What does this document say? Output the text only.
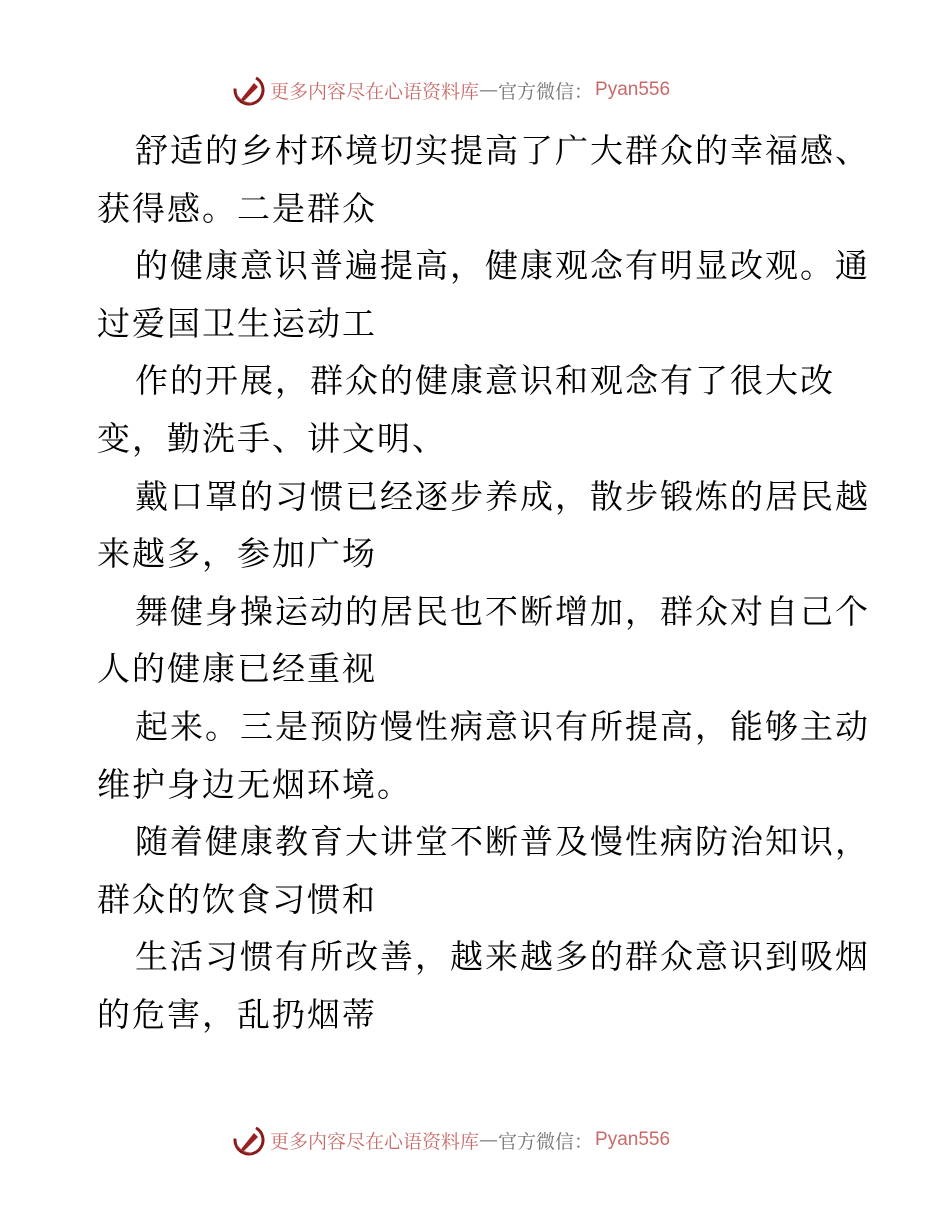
更多内容尽在心语资料库 — 官方微信： Pyan556
舒适的乡村环境切实提高了广大群众的幸福感、
获得感。二是群众
的健康意识普遍提高，健康观念有明显改观。通
过爱国卫生运动工
作的开展，群众的健康意识和观念有了很大改
变，勤洗手、讲文明、
戴口罩的习惯已经逐步养成，散步锻炼的居民越
来越多，参加广场
舞健身操运动的居民也不断增加，群众对自己个
人的健康已经重视
起来。三是预防慢性病意识有所提高，能够主动
维护身边无烟环境。
随着健康教育大讲堂不断普及慢性病防治知识，
群众的饮食习惯和
生活习惯有所改善，越来越多的群众意识到吸烟
的危害，乱扔烟蒂
更多内容尽在心语资料库 — 官方微信： Pyan556
